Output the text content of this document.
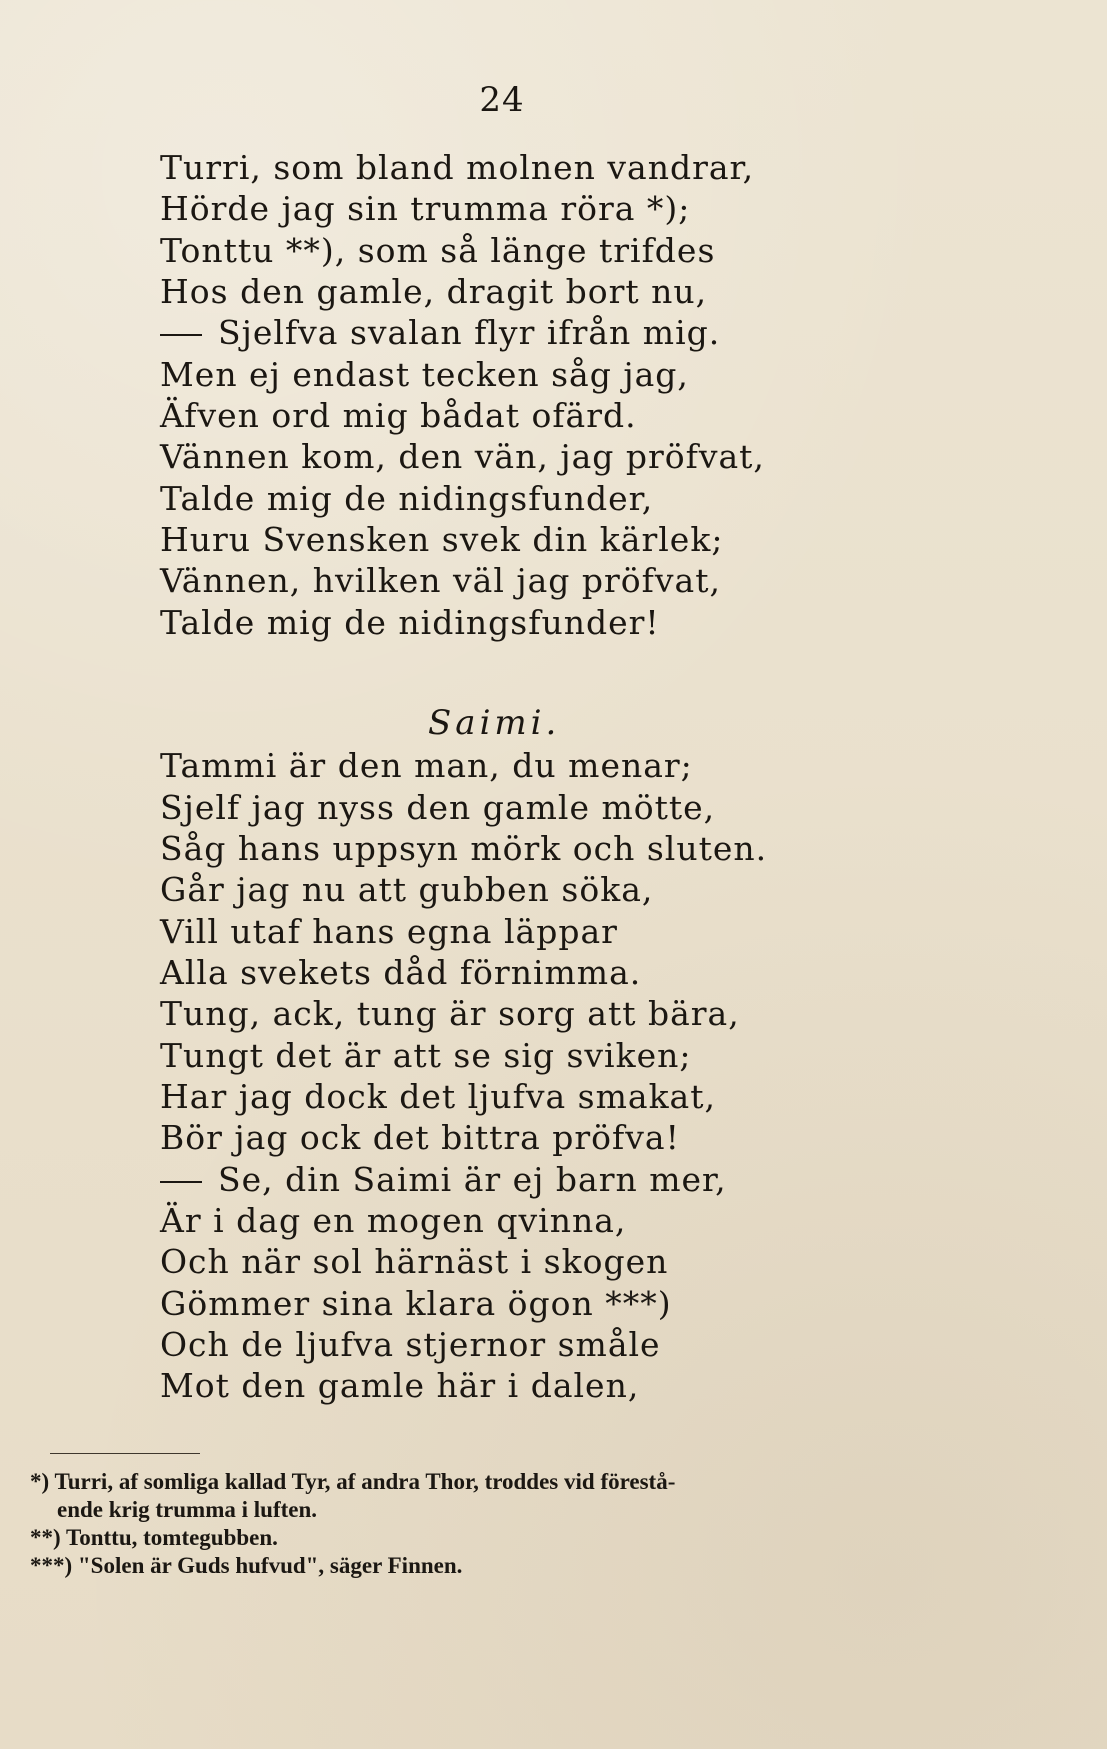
24
Turri, som bland molnen vandrar,
Hörde jag sin trumma röra *);
Tonttu **), som så länge trifdes
Hos den gamle, dragit bort nu,
Sjelfva svalan flyr ifrån mig.
Men ej endast tecken såg jag,
Äfven ord mig bådat ofärd.
Vännen kom, den vän, jag pröfvat,
Talde mig de nidingsfunder,
Huru Svensken svek din kärlek;
Vännen, hvilken väl jag pröfvat,
Talde mig de nidingsfunder!
Saimi.
Tammi är den man, du menar;
Sjelf jag nyss den gamle mötte,
Såg hans uppsyn mörk och sluten.
Går jag nu att gubben söka,
Vill utaf hans egna läppar
Alla svekets dåd förnimma.
Tung, ack, tung är sorg att bära,
Tungt det är att se sig sviken;
Har jag dock det ljufva smakat,
Bör jag ock det bittra pröfva!
Se, din Saimi är ej barn mer,
Är i dag en mogen qvinna,
Och när sol härnäst i skogen
Gömmer sina klara ögon ***)
Och de ljufva stjernor småle
Mot den gamle här i dalen,
*) Turri, af somliga kallad Tyr, af andra Thor, troddes vid förestå-
ende krig trumma i luften.
**) Tonttu, tomtegubben.
***) "Solen är Guds hufvud", säger Finnen.
